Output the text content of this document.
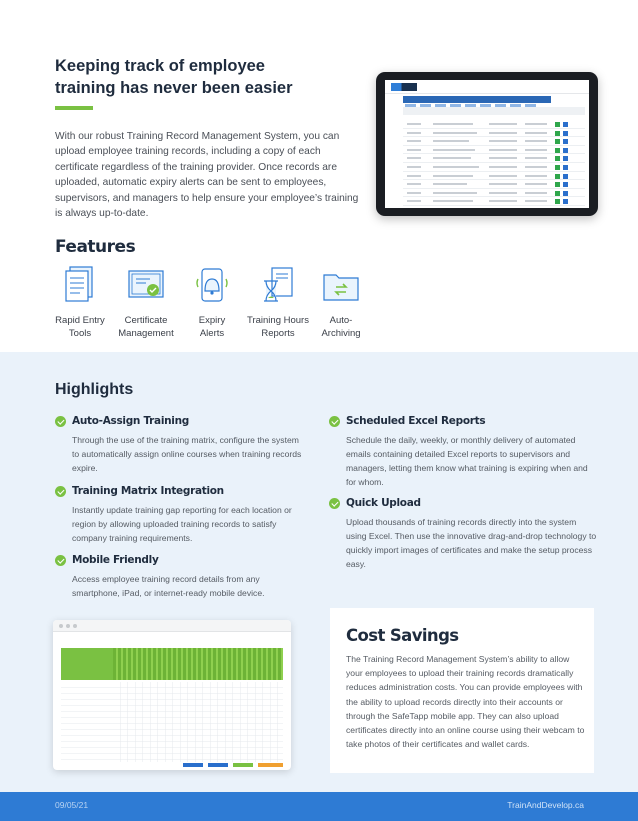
Keeping track of employee
training has never been easier

With our robust Training Record Management System, you can upload employee training records, including a copy of each certificate regardless of the training provider. Once records are uploaded, automatic expiry alerts can be sent to employees, supervisors, and managers to help ensure your employee’s training is always up-to-date.

Features
Rapid Entry
Tools
Certificate
Management
Expiry
Alerts
Training Hours
Reports
Auto-
Archiving
Highlights
Auto-Assign Training
Through the use of the training matrix, configure the system to automatically assign online courses when training records expire.
Training Matrix Integration
Instantly update training gap reporting for each location or region by allowing uploaded training records to satisfy company training requirements.
Mobile Friendly
Access employee training record details from any smartphone, iPad, or internet-ready mobile device.
Scheduled Excel Reports
Schedule the daily, weekly, or monthly delivery of automated emails containing detailed Excel reports to supervisors and managers, letting them know what training is expiring when and for whom.
Quick Upload
Upload thousands of training records directly into the system using Excel. Then use the innovative drag-and-drop technology to quickly import images of certificates and make the setup process easy.
Cost Savings

The Training Record Management System’s ability to allow your employees to upload their training records dramatically reduces administration costs. You can provide employees with the ability to upload records directly into their accounts or through the SafeTapp mobile app. They can also upload certificates directly into an online course using their webcam to take photos of their certificates and wallet cards.

09/05/21	TrainAndDevelop.ca
